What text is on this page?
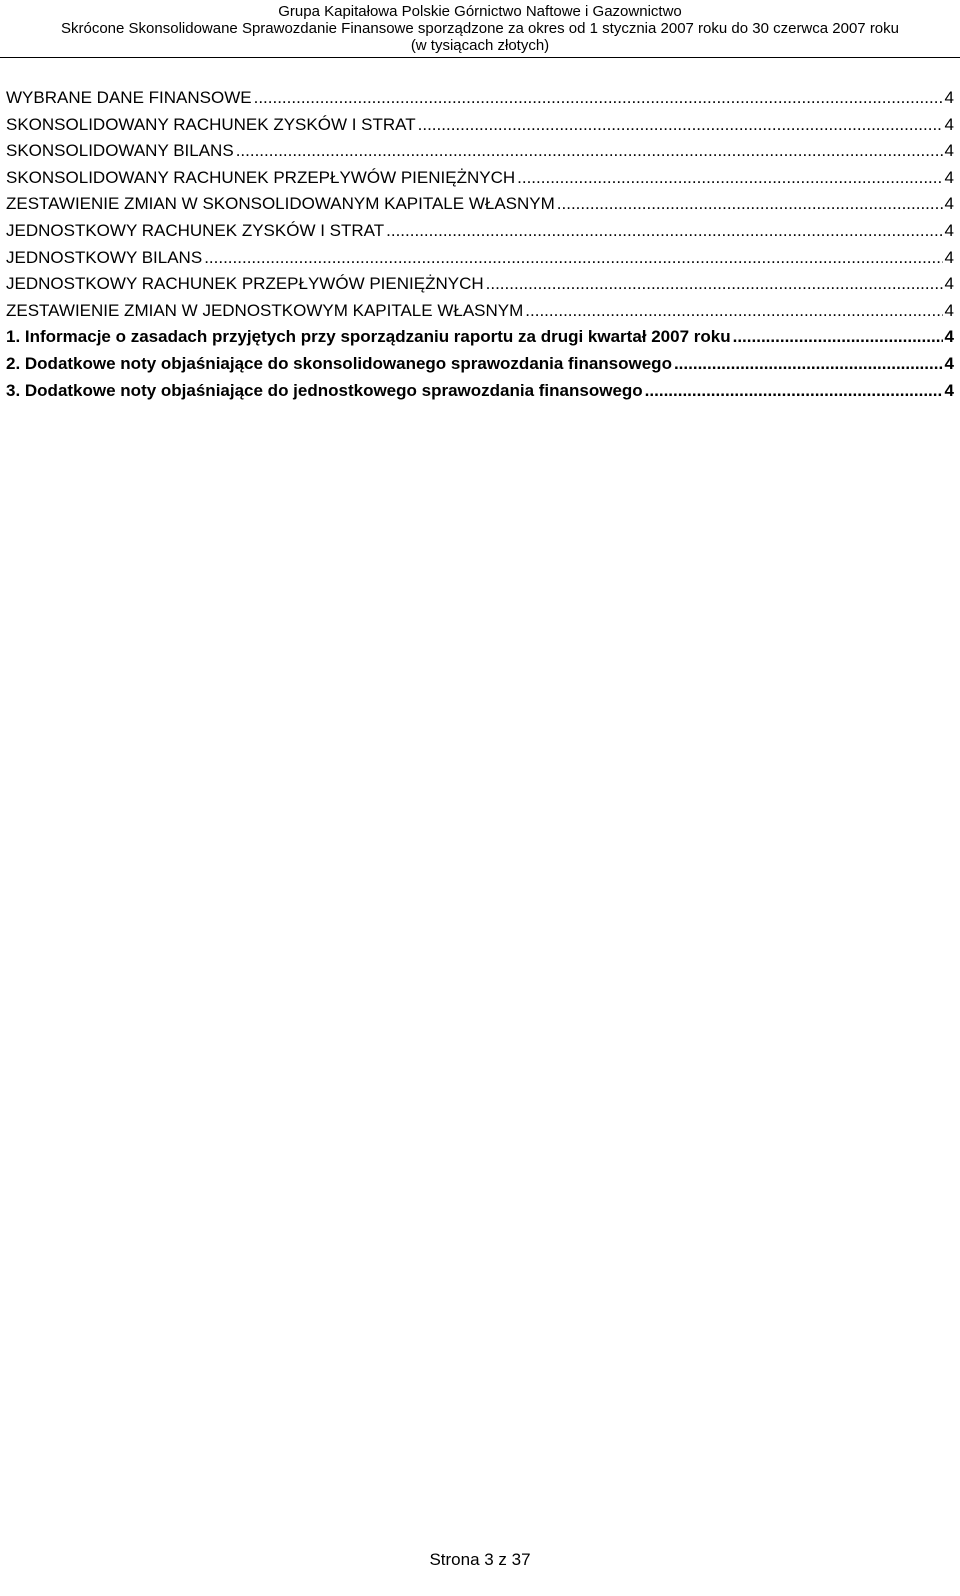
Grupa Kapitałowa Polskie Górnictwo Naftowe i Gazownictwo
Skrócone Skonsolidowane Sprawozdanie Finansowe sporządzone za okres od 1 stycznia 2007 roku do 30 czerwca 2007 roku
(w tysiącach złotych)
WYBRANE DANE FINANSOWE .....	4
SKONSOLIDOWANY RACHUNEK ZYSKÓW I STRAT .....	4
SKONSOLIDOWANY BILANS .....	4
SKONSOLIDOWANY RACHUNEK PRZEPŁYWÓW PIENIĘŻNYCH .....	4
ZESTAWIENIE ZMIAN W SKONSOLIDOWANYM KAPITALE WŁASNYM .....	4
JEDNOSTKOWY RACHUNEK ZYSKÓW I STRAT .....	4
JEDNOSTKOWY BILANS .....	4
JEDNOSTKOWY RACHUNEK PRZEPŁYWÓW PIENIĘŻNYCH .....	4
ZESTAWIENIE ZMIAN W JEDNOSTKOWYM KAPITALE WŁASNYM .....	4
1. Informacje o zasadach przyjętych przy sporządzaniu raportu za drugi kwartał 2007 roku .....	4
2. Dodatkowe noty objaśniające do skonsolidowanego sprawozdania finansowego .....	4
3. Dodatkowe noty objaśniające do jednostkowego sprawozdania finansowego .....	4
Strona 3 z 37
